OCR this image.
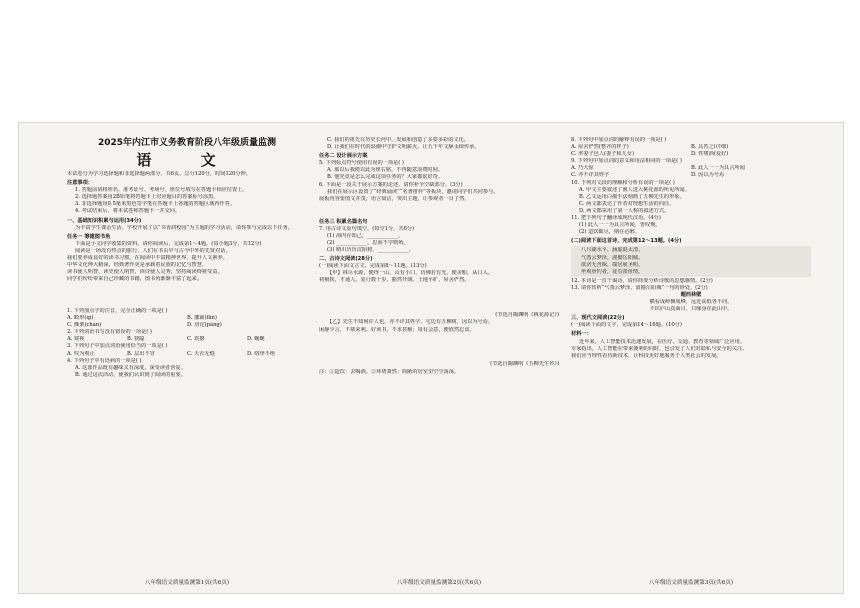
2025年内江市义务教育阶段八年级质量监测
语 文
本试卷分为学习选择题和非选择题两部分，共6页，总分120分，时间120分钟。
注意事项：
1. 答题前请将姓名、准考证号、考场号、座位号填写在答题卡相应位置上。
2. 选择题答案用2B铅笔将答题卡上对应题目的答案标号涂黑。
3. 非选择题用0.5毫米黑色签字笔在答题卡上各题的答题区域内作答。
4. 考试结束后，将本试卷和答题卡一并交回。
一、基础知识积累与运用(34分)
为丰富学生课余生活，学校开展了以“书香润校园”为主题的学习活动，请你参与完成以下任务。
任务一 筹建图书角
下面是小文同学收集的资料，请你阅读后，完成第1～4题。(每小题3分，共12分)
阅读是一场没有终点的旅行，人们在书页中与古今中外的先贤对话。
我们要养成良好的读书习惯，在阅读中丰富精神世界，提升人文素养。
中华文化博大精深，经典著作更是承载着民族的记忆与智慧。
读书使人明智，读史使人明智，读诗使人灵秀，坚持阅读终将受益。
同学们纷纷带来自己珍藏的书籍，图书角渐渐丰富了起来。
1. 下列加点字的注音，完全正确的一项是( )
A. 畸形(qí)	B. 藩篱(fān)
C. 颤栗(chàn)	D. 滂沱(páng)
2. 下列词语书写没有错误的一项是( )
A. 窥视	B. 狭隘	C. 震撼	D. 蜿蜒
3. 下列句子中加点词语使用恰当的一项是( )
A. 叹为观止	B. 层出不穷	C. 天衣无缝	D. 络绎不绝
4. 下列句子中有语病的一项是( )
A. 这部作品既有趣味又有深度，深受读者喜爱。
B. 通过这次活动，使我们认识到了阅读的重要。
八年级语文质量监测第1页(共6页)
C. 我们的祖先在历史长河中，发展和创造了多姿多彩的文化。
D. 让我们在时代的浪潮中守护文明薪火，让五千年文脉永续传承。
任务二 设计展示方案
5. 下列标点符号使用有误的一项是( )
A. 那以后我便以此为座右铭，不再随意浪费时间。
B. 他究竟是怎么完成这项任务的？大家都很好奇。
6. 下面是一段关于展示方案的论述，请你补全空缺部分。(3分)
我们在展示区设置了“经典诵读”“名著推荐”等板块，邀请同学们共同参与。
展板内容要图文并茂，语言简洁，突出主题，让参观者一目了然。
任务三 积累名篇名句
7. 用古诗文原句填空。(每空1分，共6分)
(1) 海内存知己，____________。
(2) ____________，思而不学则殆。
(3) 晴川历历汉阳树，____________。
二、古诗文阅读(28分)
(一)阅读下面文言文，完成第8～11题。(13分)
【甲】林尽水源，便得一山，山有小口，仿佛若有光。便舍船，从口入。
初极狭，才通人。复行数十步，豁然开朗。土地平旷，屋舍俨然。
(节选自陶渊明《桃花源记》)
【乙】先生不知何许人也，亦不详其姓字。宅边有五柳树，因以为号焉。
闲静少言，不慕荣利。好读书，不求甚解；每有会意，便欣然忘食。
(节选自陶渊明《五柳先生传》)
注：①造饮：去喝酒。②环堵萧然：简陋的居室里空空荡荡。
八年级语文质量监测第2页(共6页)
8. 下列句中加点词的解释有误的一项是( )
A. 屋舍俨然(整齐的样子)	B. 具答之(详细)
C. 率妻子邑人(妻子和儿女)	D. 性嗜酒(爱好)
9. 下列句中加点词的意义和用法相同的一项是( )
A. 乃大惊	B. 此人一一为具言所闻
C. 亦不详其姓字	D. 因以为号焉
10. 下列对文段的理解和分析有误的一项是( )
A. 甲文主要叙述了渔人进入桃花源的所见所闻。
B. 乙文运用白描手法刻画了五柳先生的形象。
C. 两文都表达了作者对理想生活的向往。
D. 两文都采用了第一人称的叙述方式。
11. 把下列句子翻译成现代汉语。(4分)
(1) 此人一一为具言所闻，皆叹惋。
(2) 造饮辄尽，期在必醉。
(二)阅读下面这首诗，完成第12～13题。(4分)
八月湖水平，涵虚混太清。
气蒸云梦泽，波撼岳阳城。
欲济无舟楫，端居耻圣明。
坐观垂钓者，徒有羡鱼情。
12. 本诗是一首干谒诗，请你简要分析诗歌的思想感情。(2分)
13. 请你赏析“气蒸云梦泽，波撼岳阳城”一句的妙处。(2分)
题西林壁
横看成岭侧成峰，远近高低各不同。
不识庐山真面目，只缘身在此山中。
三、现代文阅读(22分)
(一)阅读下面的文字，完成第14～16题。(10分)
材料一：
近年来，人工智能技术迅速发展，在医疗、交通、教育等领域广泛应用。
专家指出，人工智能在带来便利的同时，也引发了人们对隐私与安全的关注。
我们应当理性看待新技术，让科技更好地服务于人类社会的发展。
八年级语文质量监测第3页(共6页)
